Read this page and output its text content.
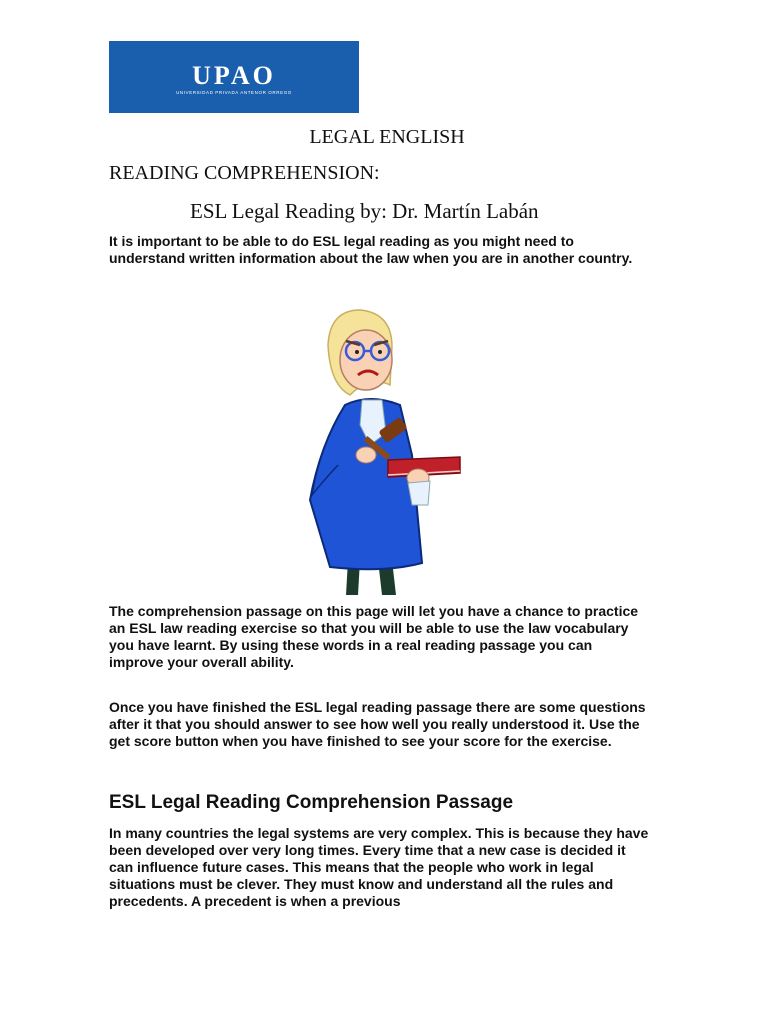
UPAO
UNIVERSIDAD PRIVADA ANTENOR ORREGO
LEGAL ENGLISH
READING COMPREHENSION:
ESL Legal Reading by: Dr. Martín Labán

It is important to be able to do ESL legal reading as you might need to understand written information about the law when you are in another country.

The comprehension passage on this page will let you have a chance to practice an ESL law reading exercise so that you will be able to use the law vocabulary you have learnt. By using these words in a real reading passage you can improve your overall ability.

Once you have finished the ESL legal reading passage there are some questions after it that you should answer to see how well you really understood it. Use the get score button when you have finished to see your score for the exercise.

ESL Legal Reading Comprehension Passage

In many countries the legal systems are very complex. This is because they have been developed over very long times. Every time that a new case is decided it can influence future cases. This means that the people who work in legal situations must be clever. They must know and understand all the rules and precedents. A precedent is when a previous
